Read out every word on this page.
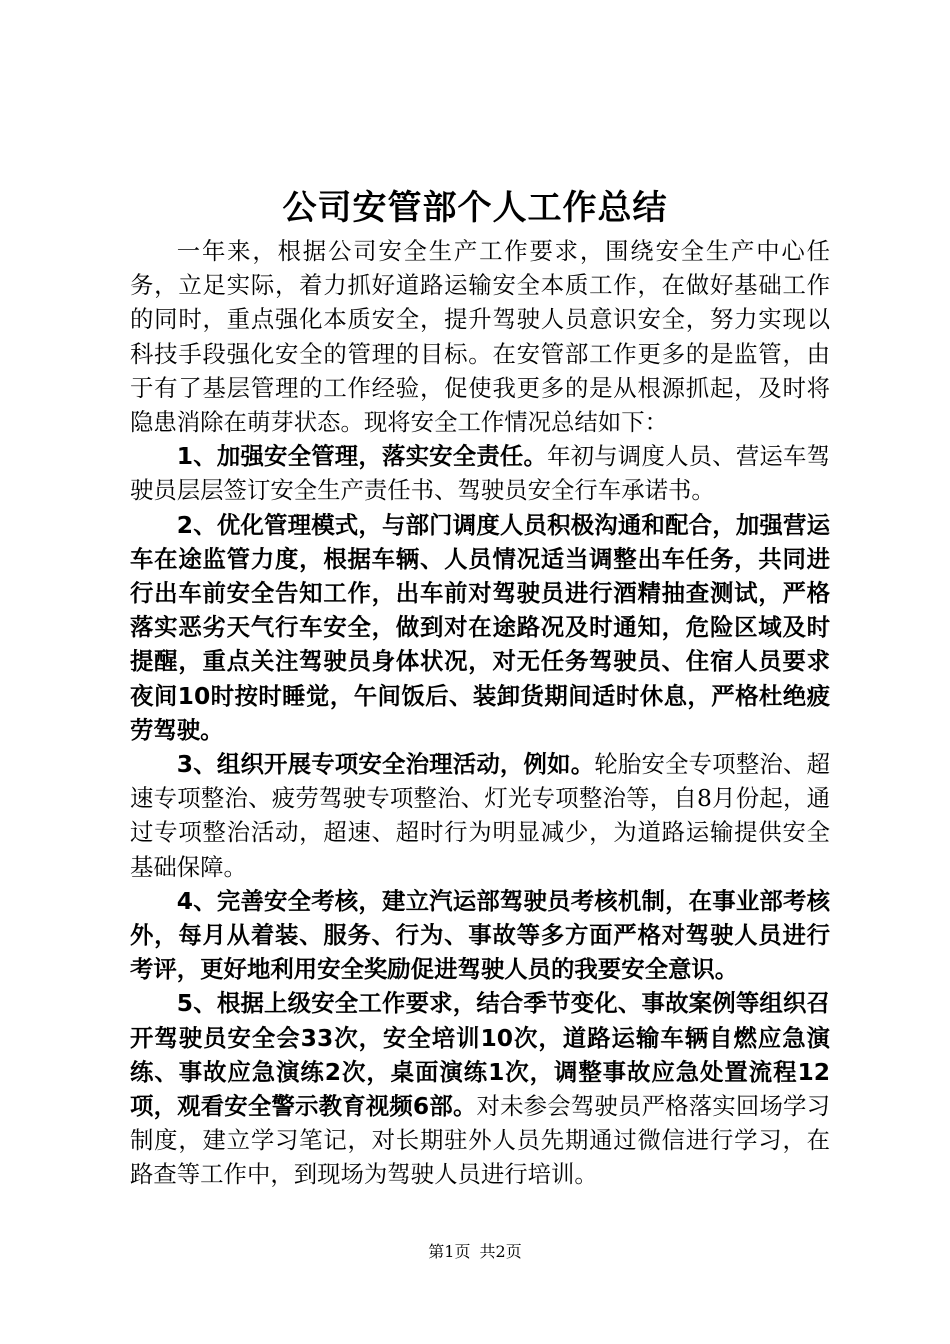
公司安管部个人工作总结

一年来，根据公司安全生产工作要求，围绕安全生产中心任务，立足实际，着力抓好道路运输安全本质工作，在做好基础工作的同时，重点强化本质安全，提升驾驶人员意识安全，努力实现以科技手段强化安全的管理的目标。在安管部工作更多的是监管，由于有了基层管理的工作经验，促使我更多的是从根源抓起，及时将隐患消除在萌芽状态。现将安全工作情况总结如下：

1、加强安全管理，落实安全责任。年初与调度人员、营运车驾驶员层层签订安全生产责任书、驾驶员安全行车承诺书。

2、优化管理模式，与部门调度人员积极沟通和配合，加强营运车在途监管力度，根据车辆、人员情况适当调整出车任务，共同进行出车前安全告知工作，出车前对驾驶员进行酒精抽查测试，严格落实恶劣天气行车安全，做到对在途路况及时通知，危险区域及时提醒，重点关注驾驶员身体状况，对无任务驾驶员、住宿人员要求夜间10时按时睡觉，午间饭后、装卸货期间适时休息，严格杜绝疲劳驾驶。

3、组织开展专项安全治理活动，例如。轮胎安全专项整治、超速专项整治、疲劳驾驶专项整治、灯光专项整治等，自8月份起，通过专项整治活动，超速、超时行为明显减少，为道路运输提供安全基础保障。

4、完善安全考核，建立汽运部驾驶员考核机制，在事业部考核外，每月从着装、服务、行为、事故等多方面严格对驾驶人员进行考评，更好地利用安全奖励促进驾驶人员的我要安全意识。

5、根据上级安全工作要求，结合季节变化、事故案例等组织召开驾驶员安全会33次，安全培训10次，道路运输车辆自燃应急演练、事故应急演练2次，桌面演练1次，调整事故应急处置流程12项，观看安全警示教育视频6部。对未参会驾驶员严格落实回场学习制度，建立学习笔记，对长期驻外人员先期通过微信进行学习，在路查等工作中，到现场为驾驶人员进行培训。

第1页 共2页
